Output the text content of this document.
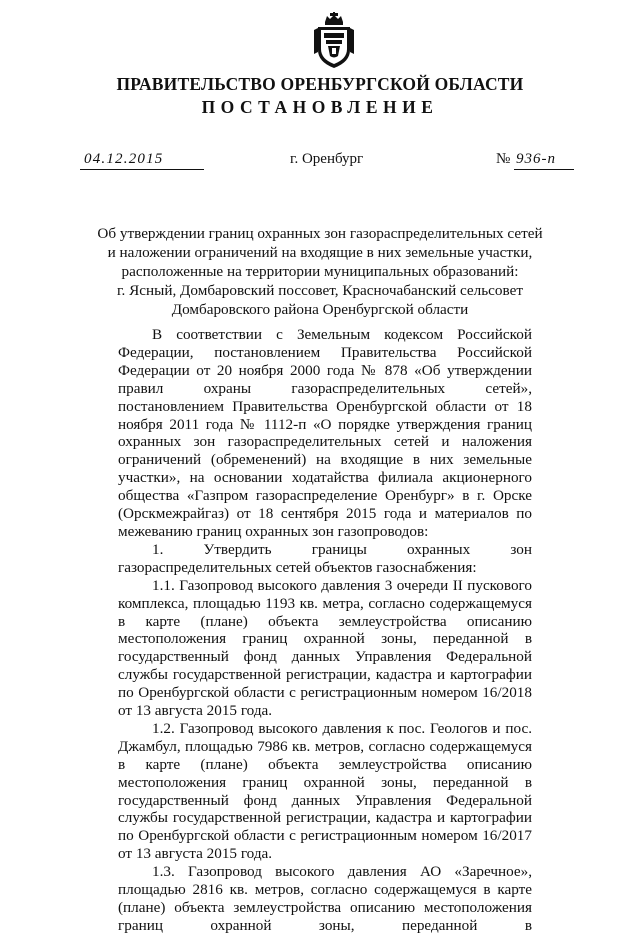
ПРАВИТЕЛЬСТВО ОРЕНБУРГСКОЙ ОБЛАСТИ
ПОСТАНОВЛЕНИЕ
04.12.2015	г. Оренбург	№ 936-п
Об утверждении границ охранных зон газораспределительных сетей
и наложении ограничений на входящие в них земельные участки,
расположенные на территории муниципальных образований:
г. Ясный, Домбаровский поссовет, Красночабанский сельсовет
Домбаровского района Оренбургской области

В соответствии с Земельным кодексом Российской Федерации, постановлением Правительства Российской Федерации от 20 ноября 2000 года № 878 «Об утверждении правил охраны газораспределительных сетей», постановлением Правительства Оренбургской области от 18 ноября 2011 года № 1112-п «О порядке утверждения границ охранных зон газораспределительных сетей и наложения ограничений (обременений) на входящие в них земельные участки», на основании ходатайства филиала акционерного общества «Газпром газораспределение Оренбург» в г. Орске (Орскмежрайгаз) от 18 сентября 2015 года и материалов по межеванию границ охранных зон газопроводов:

1. Утвердить границы охранных зон газораспределительных сетей объектов газоснабжения:

1.1. Газопровод высокого давления 3 очереди II пускового комплекса, площадью 1193 кв. метра, согласно содержащемуся в карте (плане) объекта землеустройства описанию местоположения границ охранной зоны, переданной в государственный фонд данных Управления Федеральной службы государственной регистрации, кадастра и картографии по Оренбургской области с регистрационным номером 16/2018 от 13 августа 2015 года.

1.2. Газопровод высокого давления к пос. Геологов и пос. Джамбул, площадью 7986 кв. метров, согласно содержащемуся в карте (плане) объекта землеустройства описанию местоположения границ охранной зоны, переданной в государственный фонд данных Управления Федеральной службы государственной регистрации, кадастра и картографии по Оренбургской области с регистрационным номером 16/2017 от 13 августа 2015 года.

1.3. Газопровод высокого давления АО «Заречное», площадью 2816 кв. метров, согласно содержащемуся в карте (плане) объекта землеустройства описанию местоположения границ охранной зоны, переданной в
